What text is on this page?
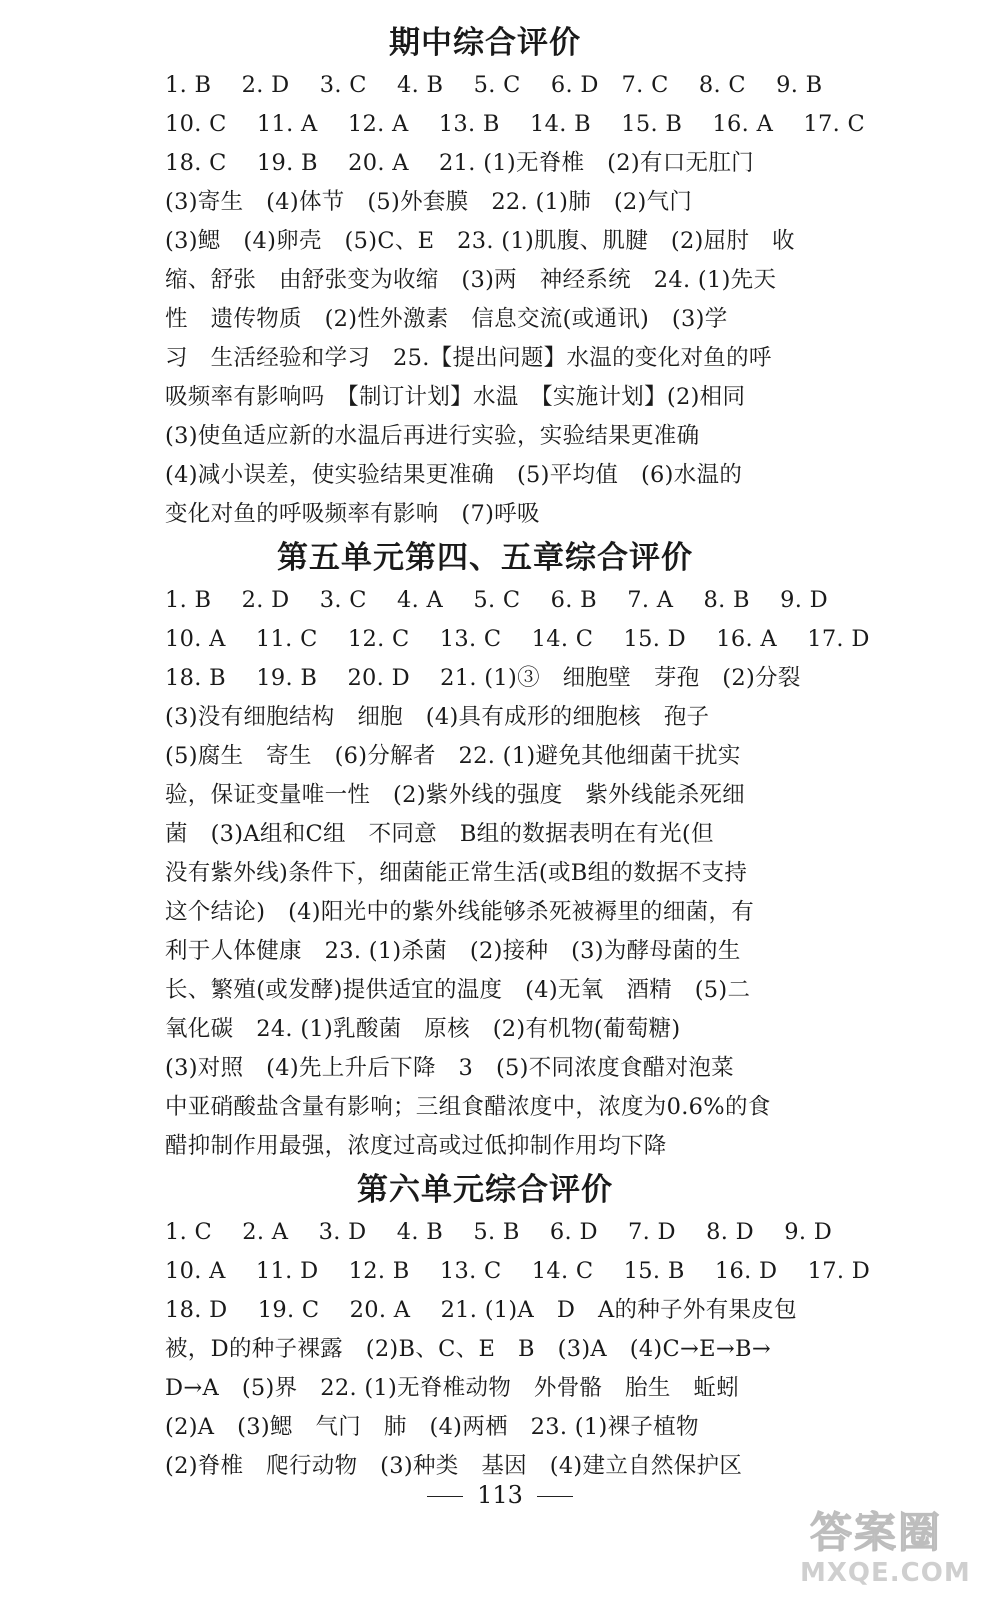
期中综合评价
1. B　 2. D　 3. C　 4. B　 5. C　 6. D　7. C　 8. C　 9. B
10. C　 11. A　 12. A　 13. B　 14. B　 15. B　 16. A　 17. C
18. C　 19. B　 20. A　 21. (1)无脊椎　(2)有口无肛门
(3)寄生　(4)体节　(5)外套膜　22. (1)肺　(2)气门
(3)鳃　(4)卵壳　(5)C、E　23. (1)肌腹、肌腱　(2)屈肘　收
缩、舒张　由舒张变为收缩　(3)两　神经系统　24. (1)先天
性　遗传物质　(2)性外激素　信息交流(或通讯)　(3)学
习　生活经验和学习　25.【提出问题】水温的变化对鱼的呼
吸频率有影响吗　【制订计划】水温　【实施计划】(2)相同
(3)使鱼适应新的水温后再进行实验，实验结果更准确
(4)减小误差，使实验结果更准确　(5)平均值　(6)水温的
变化对鱼的呼吸频率有影响　(7)呼吸
第五单元第四、五章综合评价
1. B　 2. D　 3. C　 4. A　 5. C　 6. B　 7. A　 8. B　 9. D
10. A　 11. C　 12. C　 13. C　 14. C　 15. D　 16. A　 17. D
18. B　 19. B　 20. D　 21. (1)③　细胞壁　芽孢　(2)分裂
(3)没有细胞结构　细胞　(4)具有成形的细胞核　孢子
(5)腐生　寄生　(6)分解者　22. (1)避免其他细菌干扰实
验，保证变量唯一性　(2)紫外线的强度　紫外线能杀死细
菌　(3)A组和C组　不同意　B组的数据表明在有光(但
没有紫外线)条件下，细菌能正常生活(或B组的数据不支持
这个结论)　(4)阳光中的紫外线能够杀死被褥里的细菌，有
利于人体健康　23. (1)杀菌　(2)接种　(3)为酵母菌的生
长、繁殖(或发酵)提供适宜的温度　(4)无氧　酒精　(5)二
氧化碳　24. (1)乳酸菌　原核　(2)有机物(葡萄糖)
(3)对照　(4)先上升后下降　3　(5)不同浓度食醋对泡菜
中亚硝酸盐含量有影响；三组食醋浓度中，浓度为0.6%的食
醋抑制作用最强，浓度过高或过低抑制作用均下降
第六单元综合评价
1. C　 2. A　 3. D　 4. B　 5. B　 6. D　 7. D　 8. D　 9. D
10. A　 11. D　 12. B　 13. C　 14. C　 15. B　 16. D　 17. D
18. D　 19. C　 20. A　 21. (1)A　D　A的种子外有果皮包
被，D的种子裸露　(2)B、C、E　B　(3)A　(4)C→E→B→
D→A　(5)界　22. (1)无脊椎动物　外骨骼　胎生　蚯蚓
(2)A　(3)鳃　气门　肺　(4)两栖　23. (1)裸子植物
(2)脊椎　爬行动物　(3)种类　基因　(4)建立自然保护区
113
答案圈
MXQE.COM
